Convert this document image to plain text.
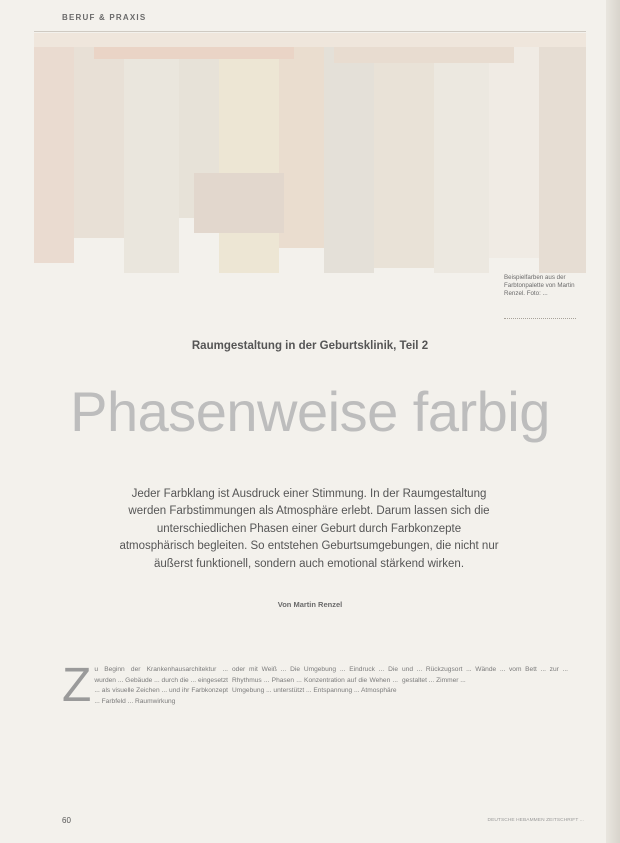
BERUF & PRAXIS
Beispielfarben aus der Farbtonpalette von Martin Renzel. Foto: ...
Raumgestaltung in der Geburtsklinik, Teil 2
Phasenweise farbig
Jeder Farbklang ist Ausdruck einer Stimmung. In der Raumgestaltung werden Farbstimmungen als Atmosphäre erlebt. Darum lassen sich die unterschiedlichen Phasen einer Geburt durch Farbkonzepte atmosphärisch begleiten. So entstehen Geburtsumgebungen, die nicht nur äußerst funktionell, sondern auch emotional stärkend wirken.
Von Martin Renzel
Z u Beginn der Krankenhausarchitektur ... wurden ... Gebäude ... durch die ... eingesetzt ... als visuelle Zeichen ... und ihr Farbkonzept ... Farbfeld ... Raumwirkung
oder mit Weiß ... Die Umgebung ... Eindruck ... Die Rhythmus ... Phasen ... Konzentration auf die Wehen ... Umgebung ... unterstützt ... Entspannung ... Atmosphäre
und ... Rückzugsort ... Wände ... vom Bett ... zur ... gestaltet ... Zimmer ...
60	DEUTSCHE HEBAMMEN ZEITSCHRIFT ...
